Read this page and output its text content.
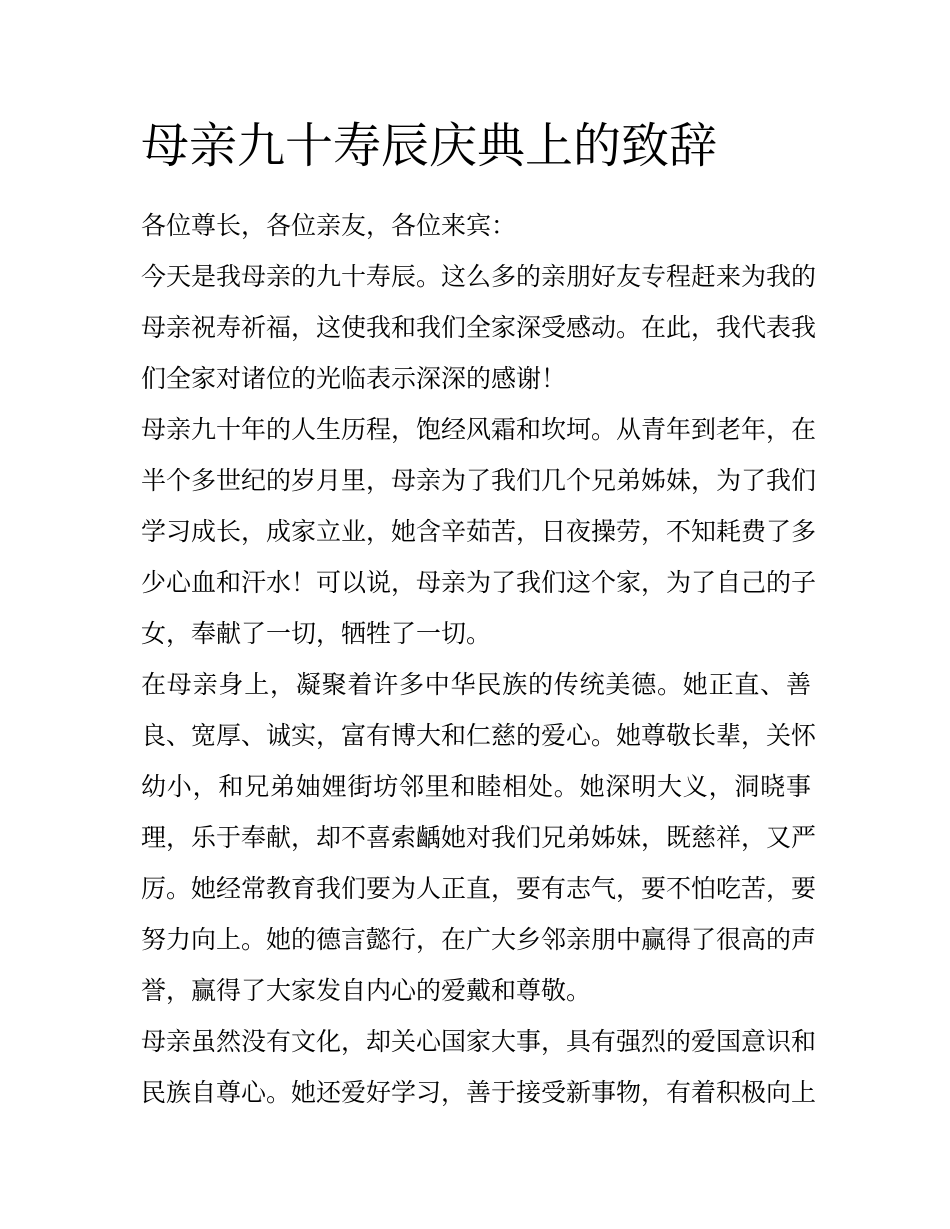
母亲九十寿辰庆典上的致辞
各位尊长，各位亲友，各位来宾：
今天是我母亲的九十寿辰。这么多的亲朋好友专程赶来为我的
母亲祝寿祈福，这使我和我们全家深受感动。在此，我代表我
们全家对诸位的光临表示深深的感谢！
母亲九十年的人生历程，饱经风霜和坎坷。从青年到老年，在
半个多世纪的岁月里，母亲为了我们几个兄弟姊妹，为了我们
学习成长，成家立业，她含辛茹苦，日夜操劳，不知耗费了多
少心血和汗水！可以说，母亲为了我们这个家，为了自己的子
女，奉献了一切，牺牲了一切。
在母亲身上，凝聚着许多中华民族的传统美德。她正直、善
良、宽厚、诚实，富有博大和仁慈的爱心。她尊敬长辈，关怀
幼小，和兄弟妯娌街坊邻里和睦相处。她深明大义，洞晓事
理，乐于奉献，却不喜索齲她对我们兄弟姊妹，既慈祥，又严
厉。她经常教育我们要为人正直，要有志气，要不怕吃苦，要
努力向上。她的德言懿行，在广大乡邻亲朋中赢得了很高的声
誉，赢得了大家发自内心的爱戴和尊敬。
母亲虽然没有文化，却关心国家大事，具有强烈的爱国意识和
民族自尊心。她还爱好学习，善于接受新事物，有着积极向上
